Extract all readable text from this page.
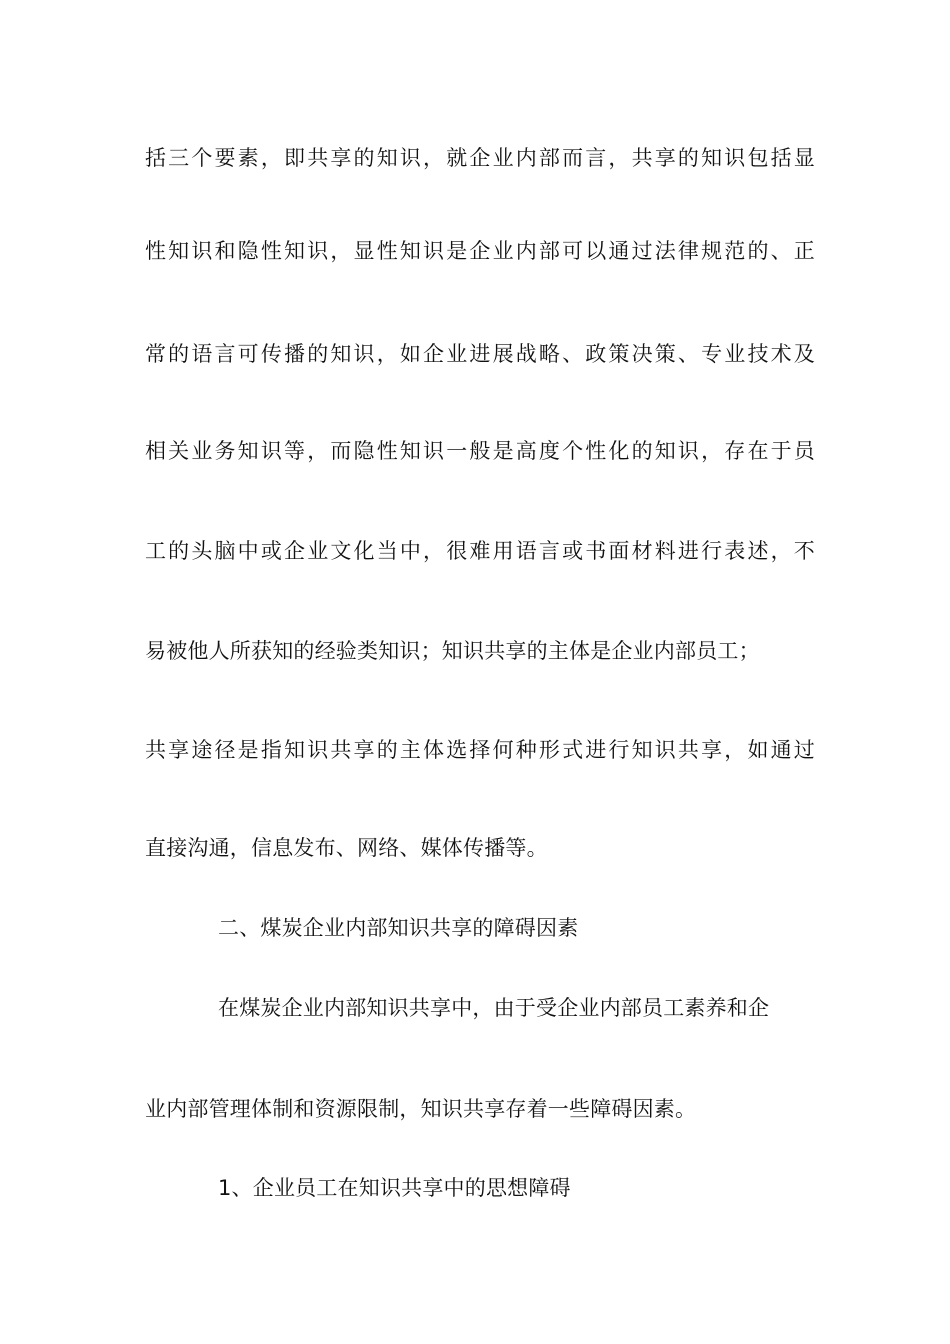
括三个要素，即共享的知识，就企业内部而言，共享的知识包括显
性知识和隐性知识，显性知识是企业内部可以通过法律规范的、正
常的语言可传播的知识，如企业进展战略、政策决策、专业技术及
相关业务知识等，而隐性知识一般是高度个性化的知识，存在于员
工的头脑中或企业文化当中，很难用语言或书面材料进行表述，不
易被他人所获知的经验类知识；知识共享的主体是企业内部员工；
共享途径是指知识共享的主体选择何种形式进行知识共享，如通过
直接沟通，信息发布、网络、媒体传播等。
二、煤炭企业内部知识共享的障碍因素
在煤炭企业内部知识共享中，由于受企业内部员工素养和企
业内部管理体制和资源限制，知识共享存着一些障碍因素。
1、企业员工在知识共享中的思想障碍
